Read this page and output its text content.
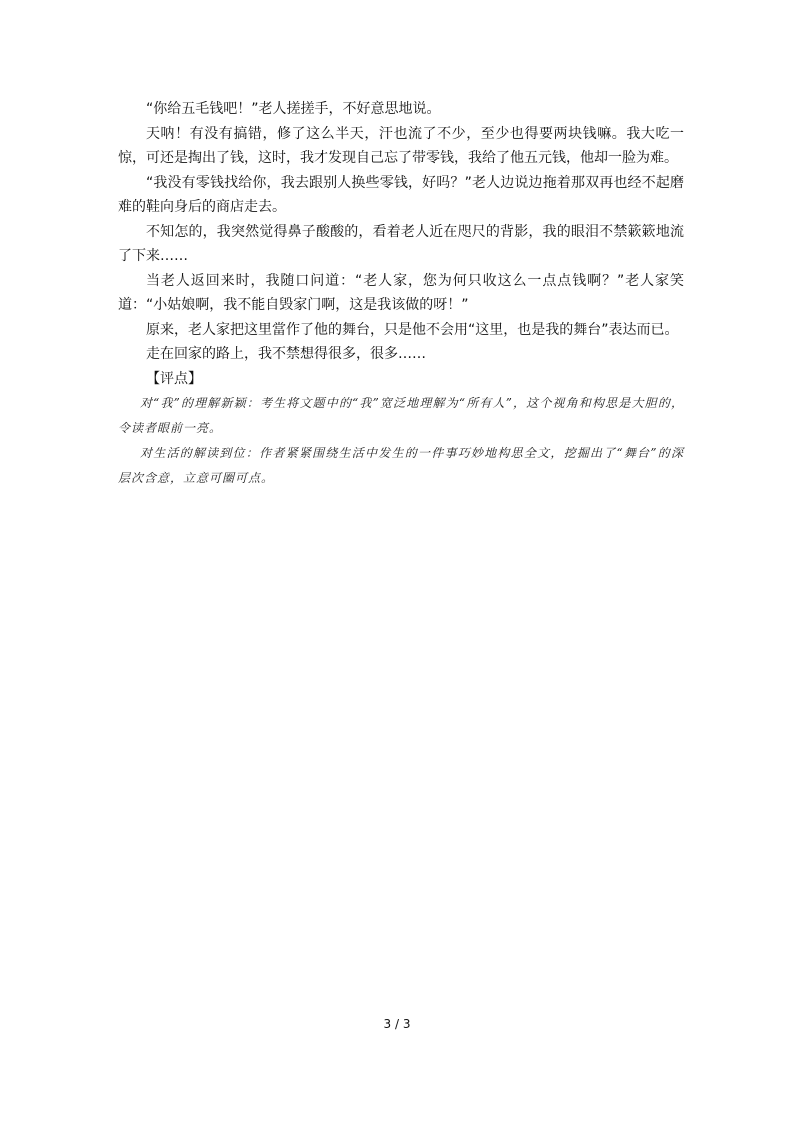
“你给五毛钱吧！”老人搓搓手，不好意思地说。

天呐！有没有搞错，修了这么半天，汗也流了不少，至少也得要两块钱嘛。我大吃一惊，可还是掏出了钱，这时，我才发现自己忘了带零钱，我给了他五元钱，他却一脸为难。

“我没有零钱找给你，我去跟别人换些零钱，好吗？”老人边说边拖着那双再也经不起磨难的鞋向身后的商店走去。

不知怎的，我突然觉得鼻子酸酸的，看着老人近在咫尺的背影，我的眼泪不禁簌簌地流了下来……

当老人返回来时，我随口问道：“老人家，您为何只收这么一点点钱啊？”老人家笑道：“小姑娘啊，我不能自毁家门啊，这是我该做的呀！”

原来，老人家把这里當作了他的舞台，只是他不会用“这里，也是我的舞台”表达而已。

走在回家的路上，我不禁想得很多，很多……

【评点】

对“我”的理解新颖：考生将文题中的“我”宽泛地理解为“所有人”，这个视角和构思是大胆的，令读者眼前一亮。

对生活的解读到位：作者紧紧围绕生活中发生的一件事巧妙地构思全文，挖掘出了“舞台”的深层次含意，立意可圈可点。

3 / 3
